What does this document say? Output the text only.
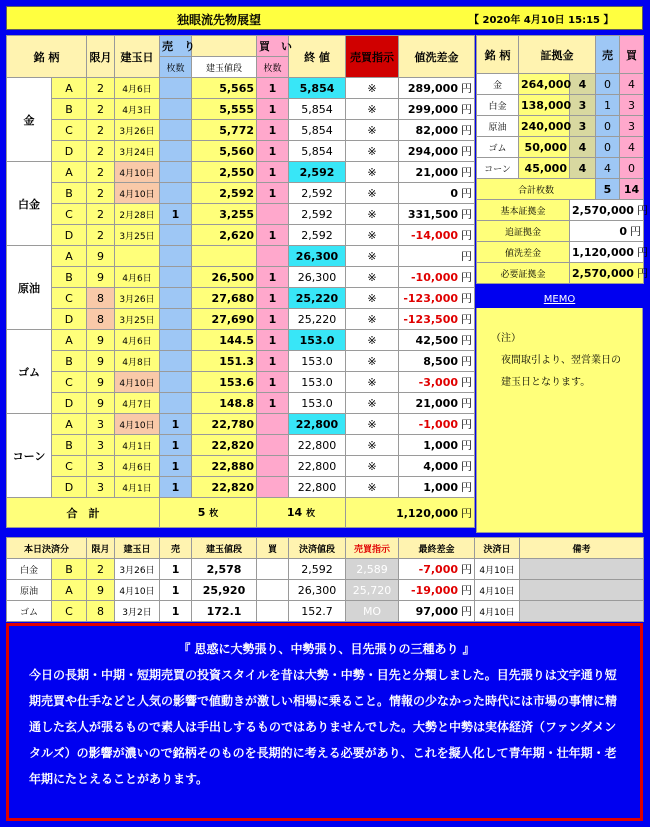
独眼流先物展望	【 2020年 4月10日 15:15 】
銘 柄		限月	建玉日	売　り		買　い	終 値	売買指示	値洗差金
				枚数	建玉値段	枚数			
金	A	2	4月6日		5,565	1	5,854	※	289,000 円
	B	2	4月3日		5,555	1	5,854	※	299,000 円
	C	2	3月26日		5,772	1	5,854	※	82,000 円
	D	2	3月24日		5,560	1	5,854	※	294,000 円
白金	A	2	4月10日		2,550	1	2,592	※	21,000 円
	B	2	4月10日		2,592	1	2,592	※	0 円
	C	2	2月28日	1	3,255		2,592	※	331,500 円
	D	2	3月25日		2,620	1	2,592	※	-14,000 円
原油	A	9					26,300	※	円
	B	9	4月6日		26,500	1	26,300	※	-10,000 円
	C	8	3月26日		27,680	1	25,220	※	-123,000 円
	D	8	3月25日		27,690	1	25,220	※	-123,500 円
ゴム	A	9	4月6日		144.5	1	153.0	※	42,500 円
	B	9	4月8日		151.3	1	153.0	※	8,500 円
	C	9	4月10日		153.6	1	153.0	※	-3,000 円
	D	9	4月7日		148.8	1	153.0	※	21,000 円
コーン	A	3	4月10日	1	22,780		22,800	※	-1,000 円
	B	3	4月1日	1	22,820		22,800	※	1,000 円
	C	3	4月6日	1	22,880		22,800	※	4,000 円
	D	3	4月1日	1	22,820		22,800	※	1,000 円
合　計				5 枚		14 枚		1,120,000 円	
銘 柄	証拠金		売	買
金	264,000	4	0	4
白金	138,000	3	1	3
原油	240,000	3	0	3
ゴム	50,000	4	0	4
コーン	45,000	4	4	0
合計枚数			5	14
基本証拠金		2,570,000 円		
追証拠金		0 円		
値洗差金		1,120,000 円		
必要証拠金		2,570,000 円		
MEMO
（注）
夜間取引より、翌営業日の
建玉日となります。
本日決済分		限月	建玉日	売	建玉値段	買	決済値段	売買指示	最終差金	決済日	備考
白金	B	2	3月26日	1	2,578		2,592	2,589	-7,000 円	4月10日	
原油	A	9	4月10日	1	25,920		26,300	25,720	-19,000 円	4月10日	
ゴム	C	8	3月2日	1	172.1		152.7	MO	97,000 円	4月10日	

『 思惑に大勢張り、中勢張り、目先張りの三種あり 』

今日の長期・中期・短期売買の投資スタイルを昔は大勢・中勢・目先と分類しました。目先張りは文字通り短期売買や仕手などと人気の影響で値動きが激しい相場に乗ること。情報の少なかった時代には市場の事情に精通した玄人が張るもので素人は手出しするものではありませんでした。大勢と中勢は実体経済（ファンダメンタルズ）の影響が濃いので銘柄そのものを長期的に考える必要があり、これを擬人化して青年期・壮年期・老年期にたとえることがあります。
